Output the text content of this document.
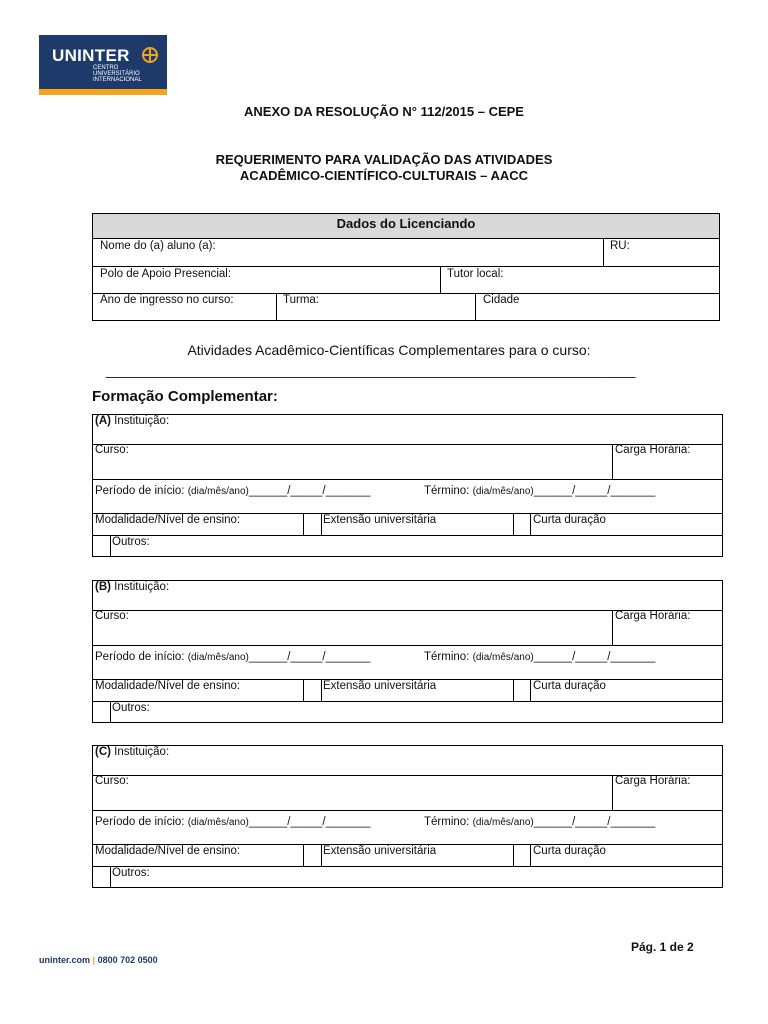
UNINTER
CENTRO UNIVERSITÁRIO INTERNACIONAL
ANEXO DA RESOLUÇÃO N° 112/2015 – CEPE
REQUERIMENTO PARA VALIDAÇÃO DAS ATIVIDADES
ACADÊMICO-CIENTÍFICO-CULTURAIS – AACC
Dados do Licenciando
Nome do (a) aluno (a):	RU:
Polo de Apoio Presencial:	Tutor local:
Ano de ingresso no curso:	Turma:	Cidade
Atividades Acadêmico-Científicas Complementares para o curso:
____________________________________________________________________
Formação Complementar:
(A) Instituição:
Curso:	Carga Horária:
Período de início: (dia/mês/ano)______/_____/_______	Término: (dia/mês/ano)______/_____/_______
Modalidade/Nível de ensino:	Extensão universitária	Curta duração
Outros:
(B) Instituição:
Curso:	Carga Horária:
Período de início: (dia/mês/ano)______/_____/_______	Término: (dia/mês/ano)______/_____/_______
Modalidade/Nível de ensino:	Extensão universitária	Curta duração
Outros:
(C) Instituição:
Curso:	Carga Horária:
Período de início: (dia/mês/ano)______/_____/_______	Término: (dia/mês/ano)______/_____/_______
Modalidade/Nível de ensino:	Extensão universitária	Curta duração
Outros:
uninter.com | 0800 702 0500
Pág. 1 de 2
